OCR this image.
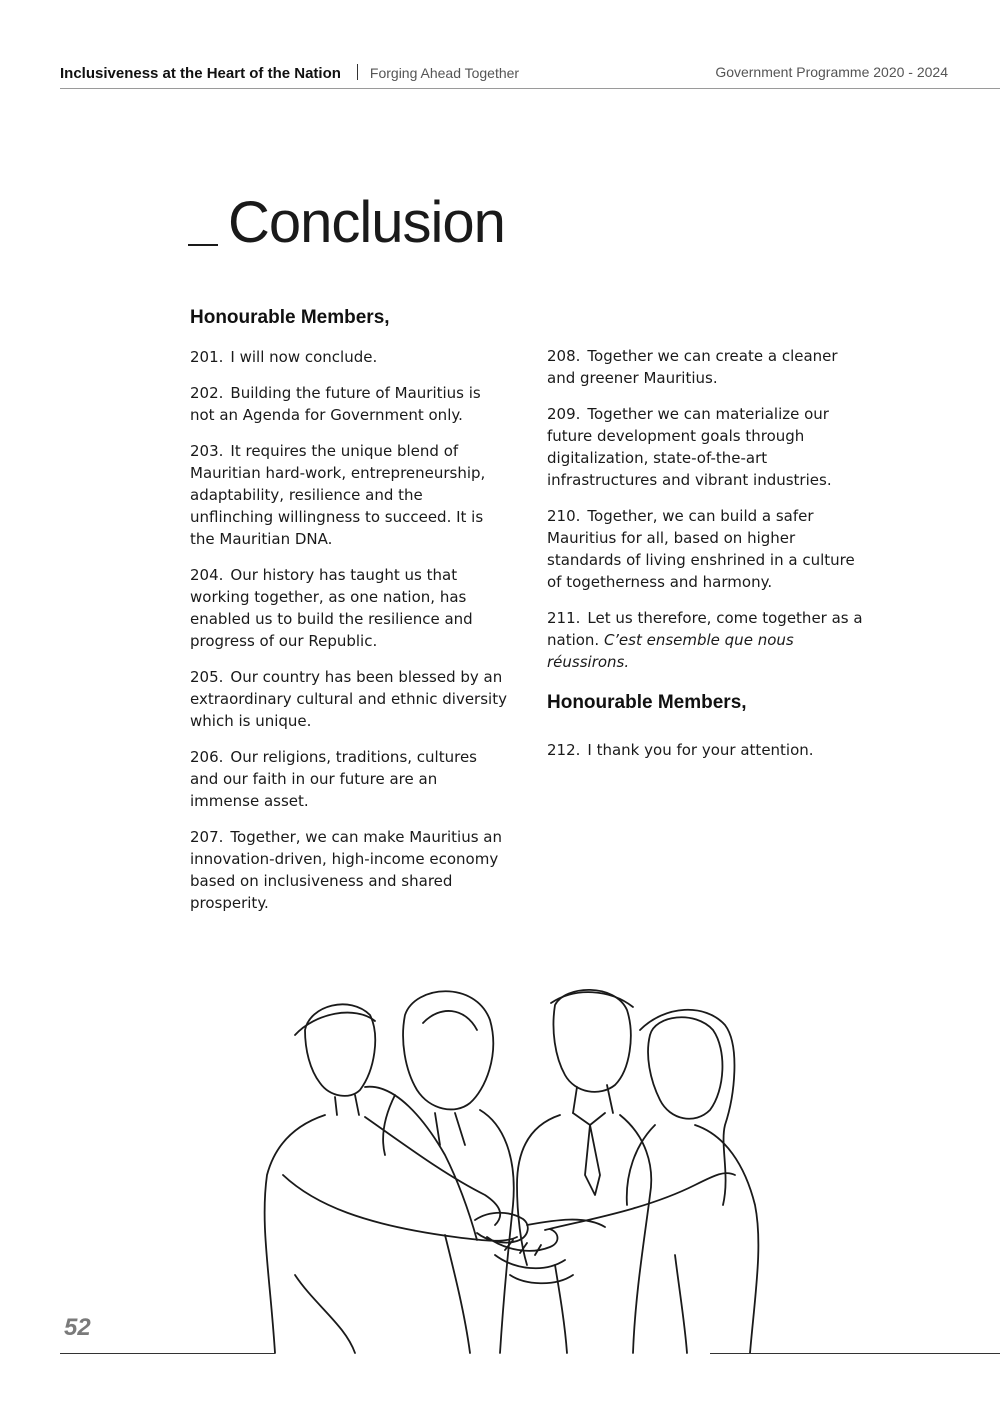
Inclusiveness at the Heart of the Nation Forging Ahead Together	Government Programme 2020 - 2024
Conclusion
Honourable Members,

201. I will now conclude.

202. Building the future of Mauritius is not an Agenda for Government only.

203. It requires the unique blend of Mauritian hard-work, entrepreneurship, adaptability, resilience and the unflinching willingness to succeed. It is the Mauritian DNA.

204. Our history has taught us that working together, as one nation, has enabled us to build the resilience and progress of our Republic.

205. Our country has been blessed by an extraordinary cultural and ethnic diversity which is unique.

206. Our religions, traditions, cultures and our faith in our future are an immense asset.

207. Together, we can make Mauritius an innovation-driven, high-income economy based on inclusiveness and shared prosperity.

208. Together we can create a cleaner and greener Mauritius.

209. Together we can materialize our future development goals through digitalization, state-of-the-art infrastructures and vibrant industries.

210. Together, we can build a safer Mauritius for all, based on higher standards of living enshrined in a culture of togetherness and harmony.

211. Let us therefore, come together as a nation. C’est ensemble que nous réussirons.

Honourable Members,

212. I thank you for your attention.

52
